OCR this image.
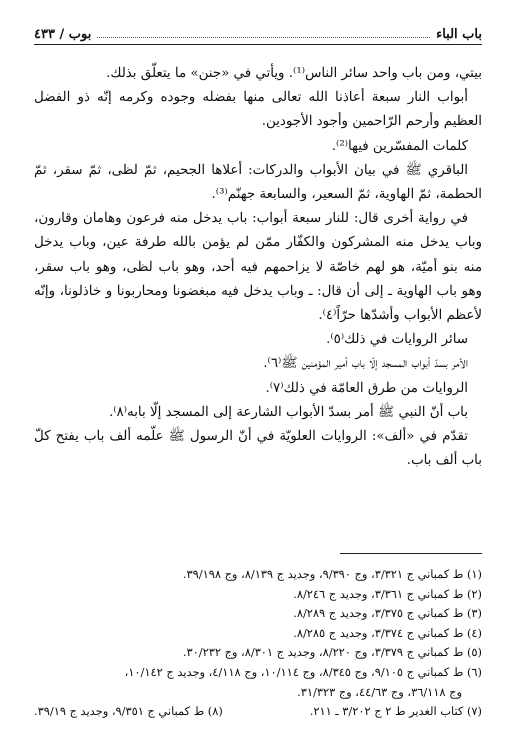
باب الباء
بوب / ٤٣٣

بيتي، ومن باب واحد سائر الناس⁽¹⁾. ويأتي في «جنن» ما يتعلّق بذلك.

أبواب النار سبعة أعاذنا الله تعالى منها بفضله وجوده وكرمه إنّه ذو الفضل العظيم وأرحم الرّاحمين وأجود الأجودين.

كلمات المفسّرين فيها⁽²⁾.

الباقري ﷺ في بيان الأبواب والدركات: أعلاها الجحيم، ثمّ لظى، ثمّ سقر، ثمّ الحطمة، ثمّ الهاوية، ثمّ السعير، والسابعة جهنّم⁽³⁾.

في رواية أخرى قال: للنار سبعة أبواب: باب يدخل منه فرعون وهامان وقارون، وباب يدخل منه المشركون والكفّار ممّن لم يؤمن بالله طرفة عين، وباب يدخل منه بنو أميّة، هو لهم خاصّة لا يزاحمهم فيه أحد، وهو باب لظى، وهو باب سقر، وهو باب الهاوية ـ إلى أن قال: ـ وباب يدخل فيه مبغضونا ومحاربونا و خاذلونا، وإنّه لأعظم الأبواب وأشدّها حرّاً⁽٤⁾.

سائر الروايات في ذلك⁽٥⁾.

الأمر بسدّ أبواب المسجد إلّا باب أمير المؤمنين ﷺ⁽٦⁾.

الروايات من طرق العامّة في ذلك⁽٧⁾.

باب أنّ النبي ﷺ أمر بسدّ الأبواب الشارعة إلى المسجد إلّا بابه⁽٨⁾.

تقدّم في «ألف»: الروايات العلويّة في أنّ الرسول ﷺ علّمه ألف باب يفتح كلّ باب ألف باب.

(١) ط كمباني ج ٣/٣٢١، وج ٩/٣٩٠، وجديد ج ٨/١٣٩، وج ٣٩/١٩٨.
(٢) ط كمباني ج ٣/٣٦١، وجديد ج ٨/٢٤٦.
(٣) ط كمباني ج ٣/٣٧٥، وجديد ج ٨/٢٨٩.
(٤) ط كمباني ج ٣/٣٧٤، وجديد ج ٨/٢٨٥.
(٥) ط كمباني ج ٣/٣٧٩، وج ٨/٢٢٠، وجديد ج ٨/٣٠١، وج ٣٠/٢٣٢.
(٦) ط كمباني ج ٩/١٠٥، وج ٨/٣٤٥، وج ١٠/١١٤، وج ٤/١١٨، وجديد ج ١٠/١٤٢،
وج ٣٦/١١٨، وج ٤٤/٦٣، وج ٣١/٣٢٣.
(٧) كتاب الغدير ط ٢ ج ٣/٢٠٢ ـ ٢١١.
(٨) ط كمباني ج ٩/٣٥١، وجديد ج ٣٩/١٩.
